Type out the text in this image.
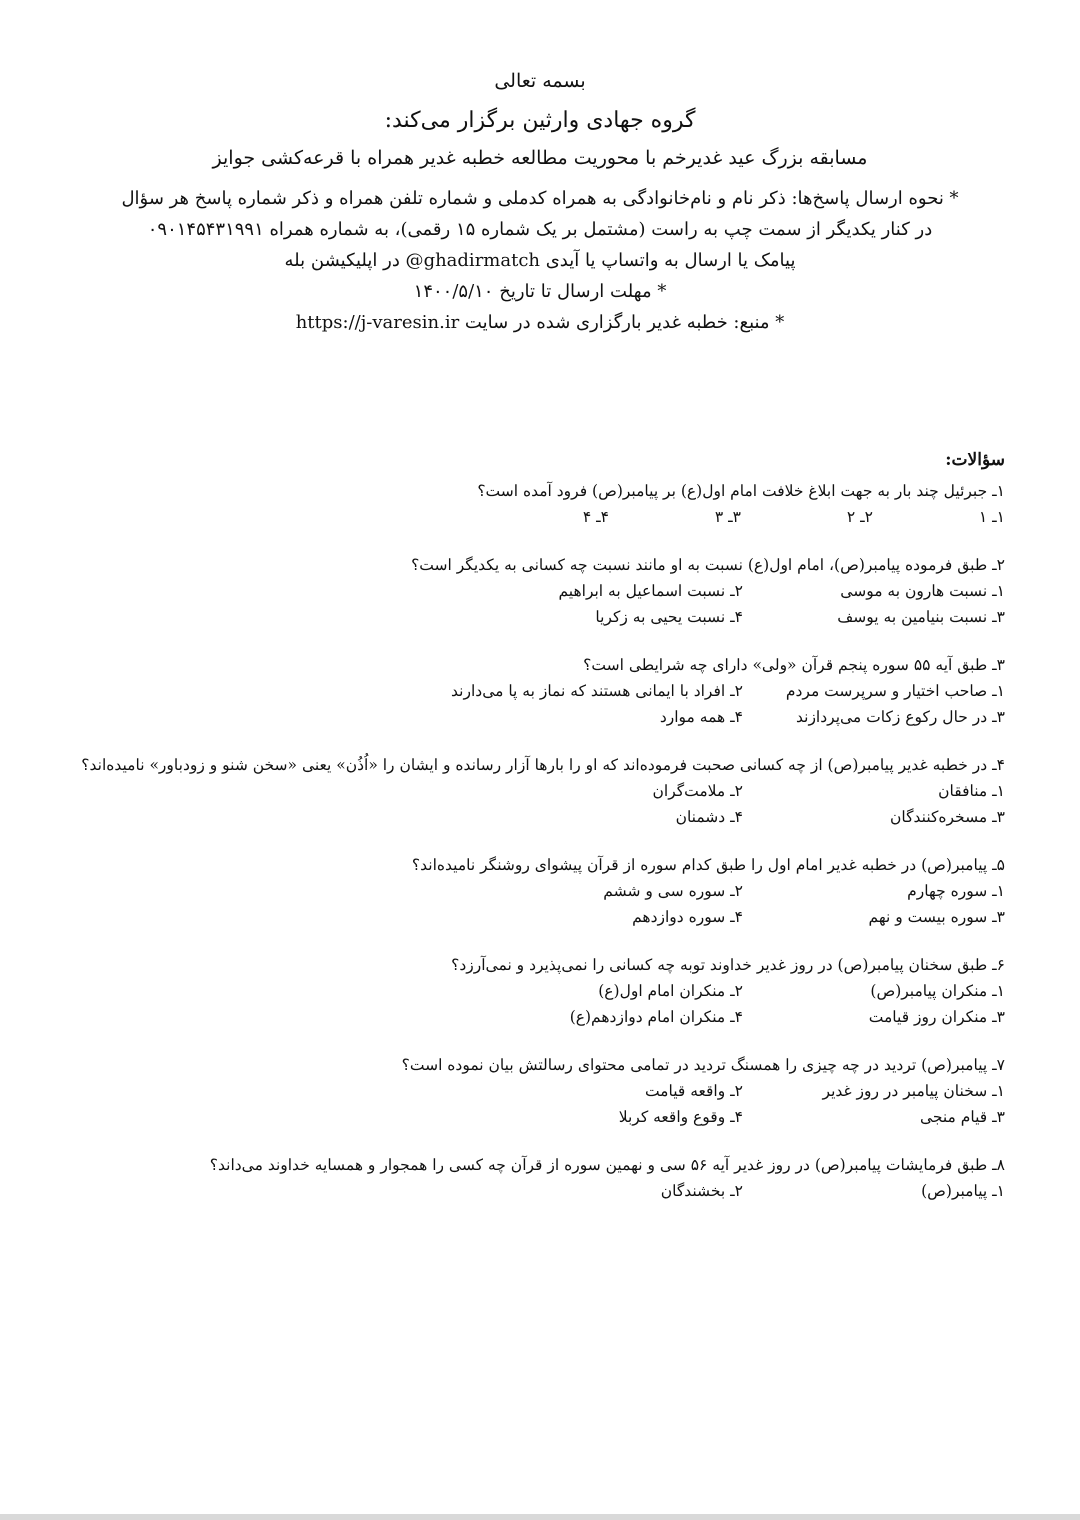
بسمه تعالی
گروه جهادی وارثین برگزار می‌کند:
مسابقه بزرگ عید غدیرخم با محوریت مطالعه خطبه غدیر همراه با قرعه‌کشی جوایز
* نحوه ارسال پاسخ‌ها: ذکر نام و نام‌خانوادگی به همراه کدملی و شماره تلفن همراه و ذکر شماره پاسخ هر سؤال
در کنار یکدیگر از سمت چپ به راست (مشتمل بر یک شماره ۱۵ رقمی)، به شماره همراه ۰۹۰۱۴۵۴۳۱۹۹۱
پیامک یا ارسال به واتساپ یا آیدی ghadirmatch@ در اپلیکیشن بله
* مهلت ارسال تا تاریخ ۱۴۰۰/۵/۱۰
* منبع: خطبه غدیر بارگزاری شده در سایت https://j-varesin.ir
سؤالات:
۱ـ جبرئیل چند بار به جهت ابلاغ خلافت امام اول(ع) بر پیامبر(ص) فرود آمده است؟
۱ـ ۱
۲ـ ۲
۳ـ ۳
۴ـ ۴
۲ـ طبق فرموده پیامبر(ص)، امام اول(ع) نسبت به او مانند نسبت چه کسانی به یکدیگر است؟
۱ـ نسبت هارون به موسی
۲ـ نسبت اسماعیل به ابراهیم
۳ـ نسبت بنیامین به یوسف
۴ـ نسبت یحیی به زکریا
۳ـ طبق آیه ۵۵ سوره پنجم قرآن «ولی» دارای چه شرایطی است؟
۱ـ صاحب اختیار و سرپرست مردم
۲ـ افراد با ایمانی هستند که نماز به پا می‌دارند
۳ـ در حال رکوع زکات می‌پردازند
۴ـ همه موارد
۴ـ در خطبه غدیر پیامبر(ص) از چه کسانی صحبت فرموده‌اند که او را بارها آزار رسانده و ایشان را «اُذُن» یعنی «سخن شنو و زودباور» نامیده‌اند؟
۱ـ منافقان
۲ـ ملامت‌گران
۳ـ مسخره‌کنندگان
۴ـ دشمنان
۵ـ پیامبر(ص) در خطبه غدیر امام اول را طبق کدام سوره از قرآن پیشوای روشنگر نامیده‌اند؟
۱ـ سوره چهارم
۲ـ سوره سی و ششم
۳ـ سوره بیست و نهم
۴ـ سوره دوازدهم
۶ـ طبق سخنان پیامبر(ص) در روز غدیر خداوند توبه چه کسانی را نمی‌پذیرد و نمی‌آرزد؟
۱ـ منکران پیامبر(ص)
۲ـ منکران امام اول(ع)
۳ـ منکران روز قیامت
۴ـ منکران امام دوازدهم(ع)
۷ـ پیامبر(ص) تردید در چه چیزی را همسنگ تردید در تمامی محتوای رسالتش بیان نموده است؟
۱ـ سخنان پیامبر در روز غدیر
۲ـ واقعه قیامت
۳ـ قیام منجی
۴ـ وقوع واقعه کربلا
۸ـ طبق فرمایشات پیامبر(ص) در روز غدیر آیه ۵۶ سی و نهمین سوره از قرآن چه کسی را همجوار و همسایه خداوند می‌داند؟
۱ـ پیامبر(ص)
۲ـ بخشندگان
